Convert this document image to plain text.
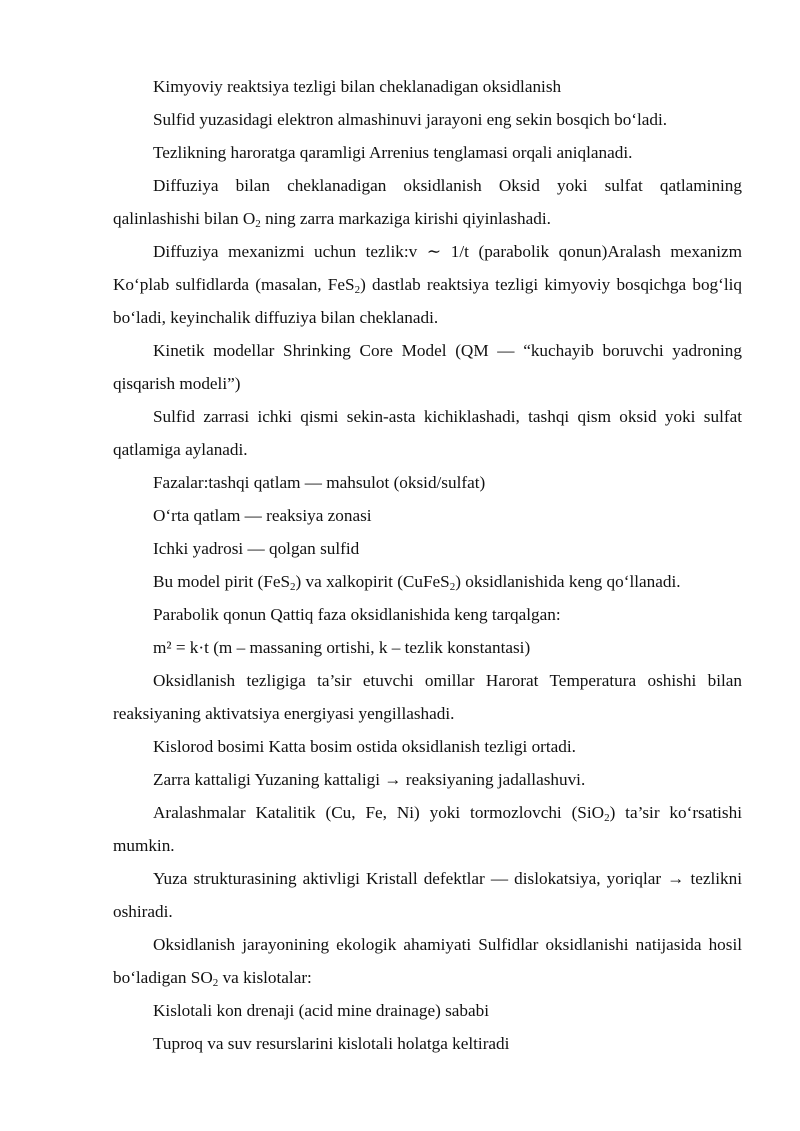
Kimyoviy reaktsiya tezligi bilan cheklanadigan oksidlanish

Sulfid yuzasidagi elektron almashinuvi jarayoni eng sekin bosqich bo‘ladi.

Tezlikning haroratga qaramligi Arrenius tenglamasi orqali aniqlanadi.

Diffuziya bilan cheklanadigan oksidlanish Oksid yoki sulfat qatlamining qalinlashishi bilan $O_2$ ning zarra markaziga kirishi qiyinlashadi.

Diffuziya mexanizmi uchun tezlik:v ∼ 1/t (parabolik qonun)Aralash mexanizm Ko‘plab sulfidlarda (masalan, FeS$_2$) dastlab reaktsiya tezligi kimyoviy bosqichga bog‘liq bo‘ladi, keyinchalik diffuziya bilan cheklanadi.

Kinetik modellar Shrinking Core Model (QM — “kuchayib boruvchi yadroning qisqarish modeli”)

Sulfid zarrasi ichki qismi sekin-asta kichiklashadi, tashqi qism oksid yoki sulfat qatlamiga aylanadi.

Fazalar:tashqi qatlam — mahsulot (oksid/sulfat)

O‘rta qatlam — reaksiya zonasi

Ichki yadrosi — qolgan sulfid

Bu model pirit (FeS$_2$) va xalkopirit (CuFeS$_2$) oksidlanishida keng qo‘llanadi.

Parabolik qonun Qattiq faza oksidlanishida keng tarqalgan:

m² = k·t (m – massaning ortishi, k – tezlik konstantasi)

Oksidlanish tezligiga ta’sir etuvchi omillar Harorat Temperatura oshishi bilan reaksiyaning aktivatsiya energiyasi yengillashadi.

Kislorod bosimi Katta bosim ostida oksidlanish tezligi ortadi.

Zarra kattaligi Yuzaning kattaligi → reaksiyaning jadallashuvi.

Aralashmalar Katalitik (Cu, Fe, Ni) yoki tormozlovchi (SiO$_2$) ta’sir ko‘rsatishi mumkin.

Yuza strukturasining aktivligi Kristall defektlar — dislokatsiya, yoriqlar → tezlikni oshiradi.

Oksidlanish jarayonining ekologik ahamiyati Sulfidlar oksidlanishi natijasida hosil bo‘ladigan $SO_2$ va kislotalar:

Kislotali kon drenaji (acid mine drainage) sababi

Tuproq va suv resurslarini kislotali holatga keltiradi
